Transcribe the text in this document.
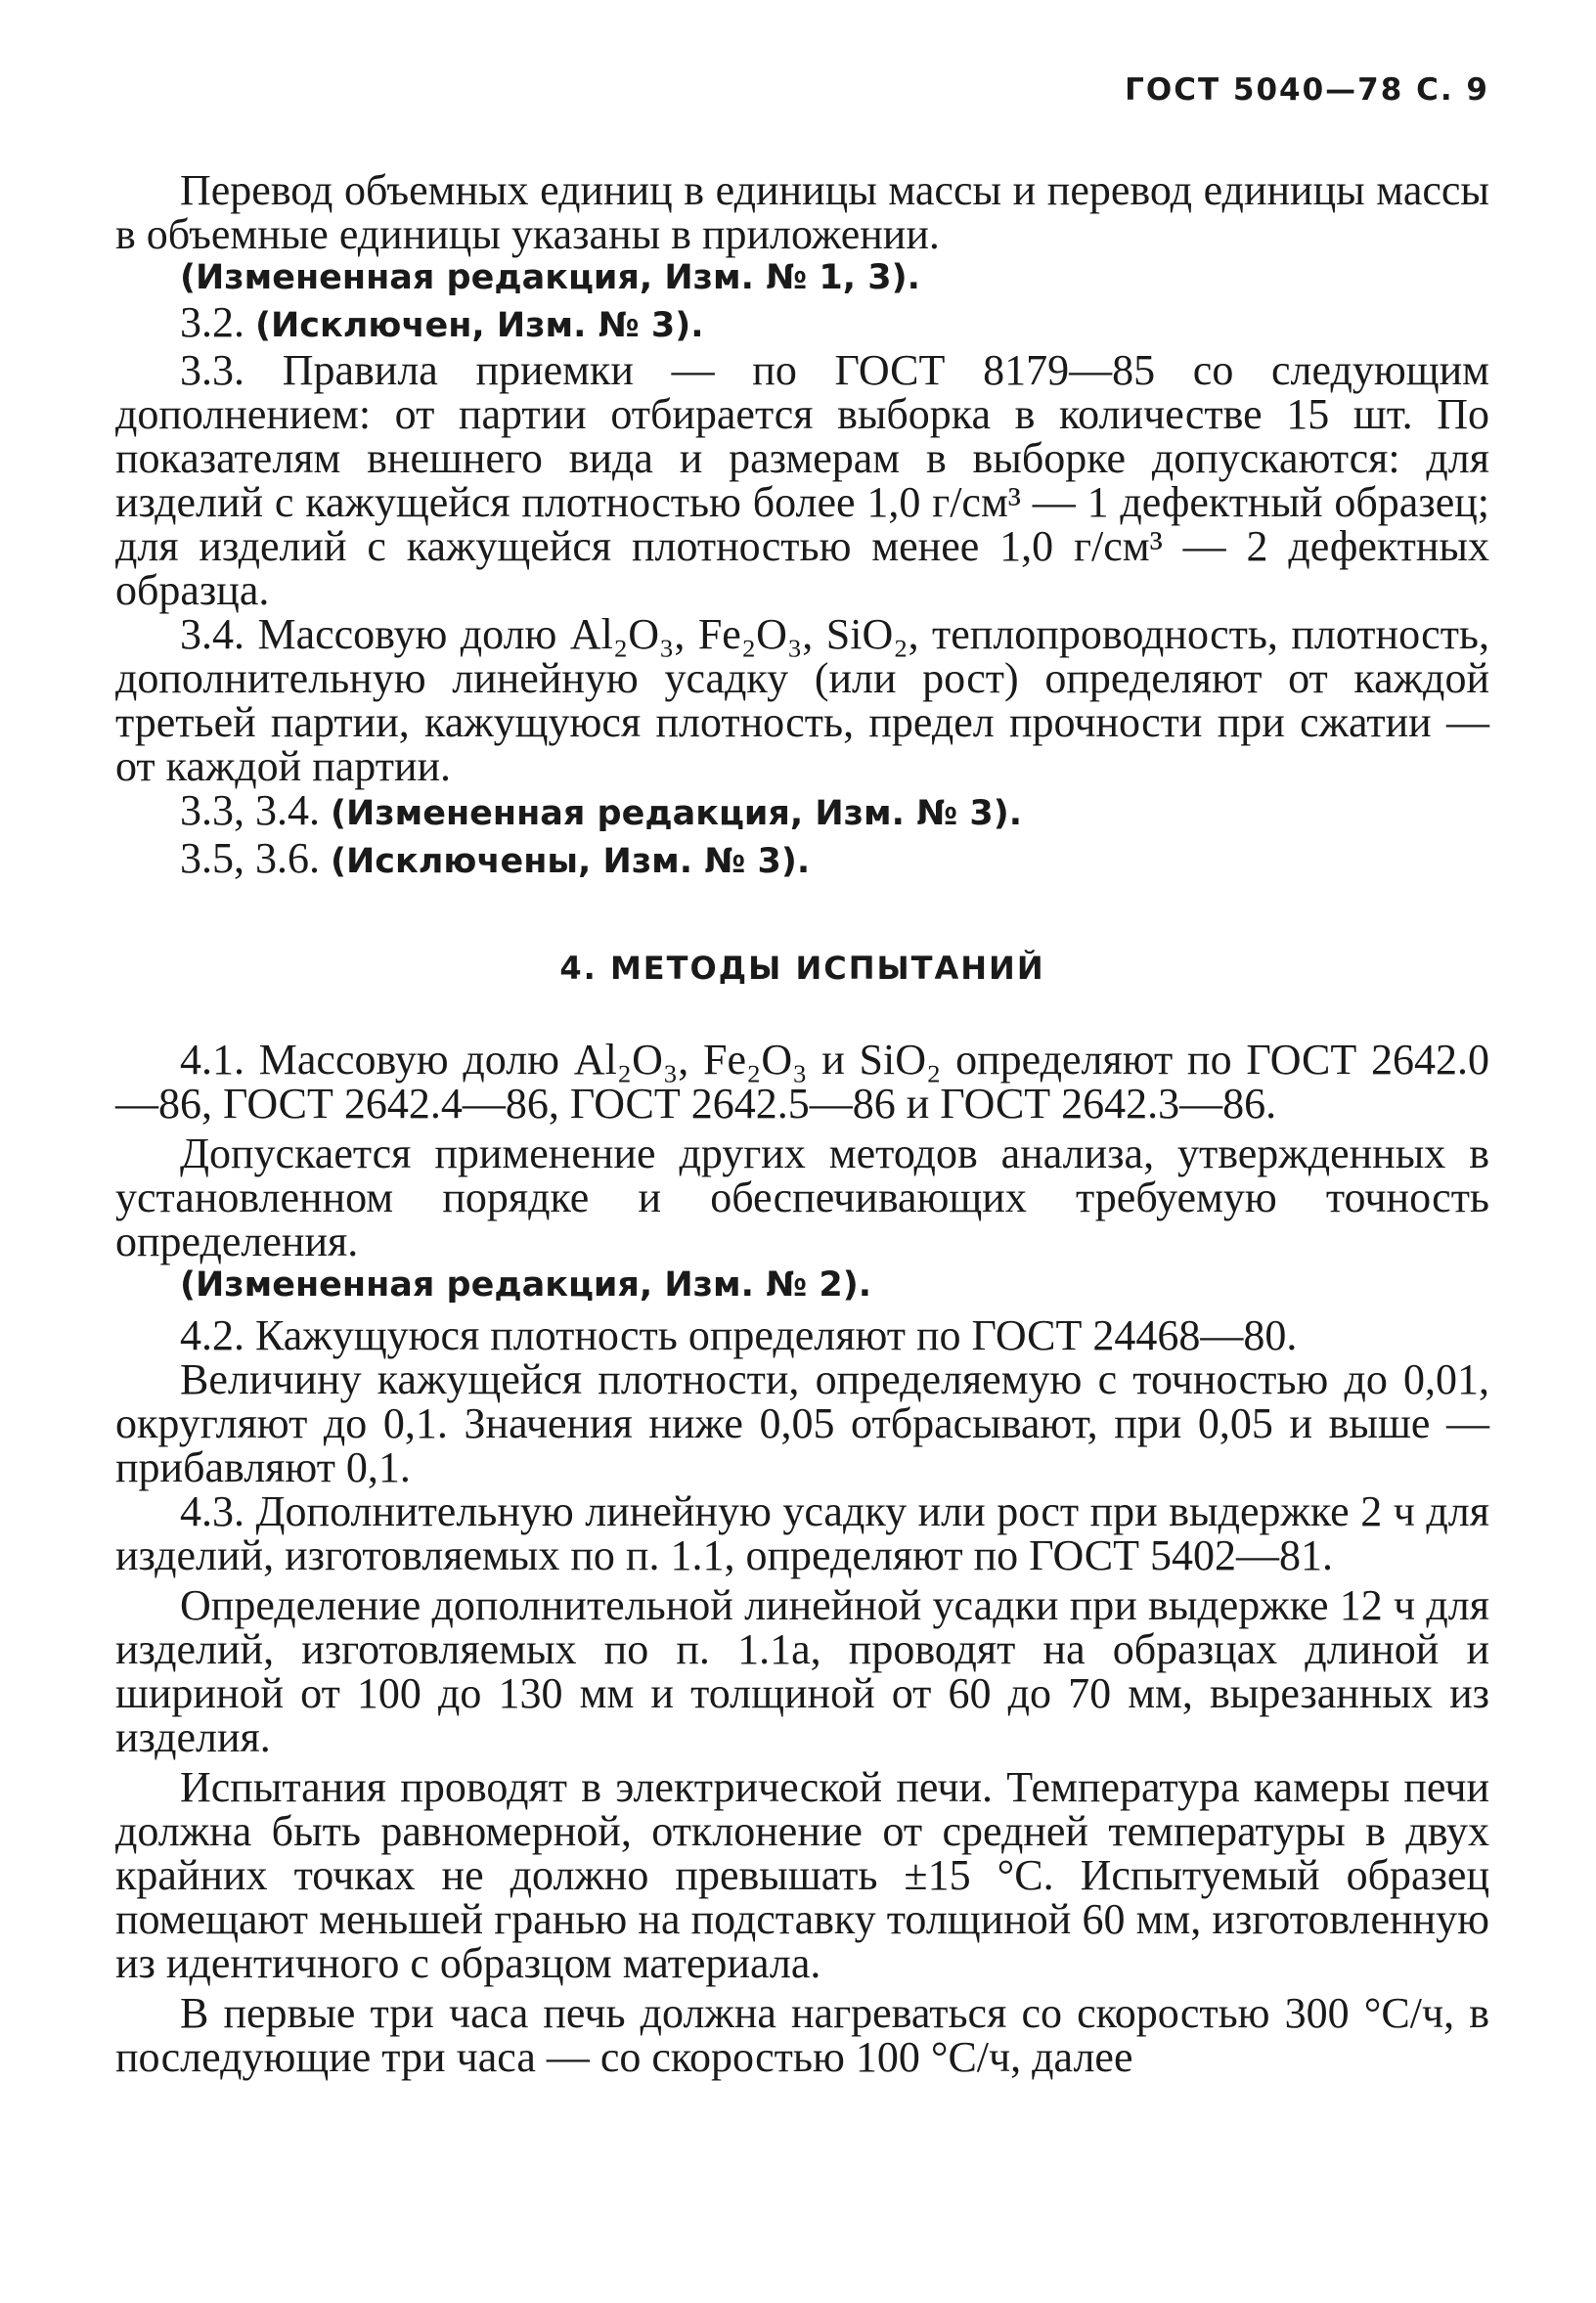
ГОСТ 5040—78 С. 9

Перевод объемных единиц в единицы массы и перевод единицы массы в объемные единицы указаны в приложении.

(Измененная редакция, Изм. № 1, 3).

3.2. (Исключен, Изм. № 3).

3.3. Правила приемки — по ГОСТ 8179—85 со следующим дополнением: от партии отбирается выборка в количестве 15 шт. По показателям внешнего вида и размерам в выборке допускаются: для изделий с кажущейся плотностью более 1,0 г/см³ — 1 дефектный образец; для изделий с кажущейся плотностью менее 1,0 г/см³ — 2 дефектных образца.

3.4. Массовую долю Al₂O₃, Fe₂O₃, SiO₂, теплопроводность, плотность, дополнительную линейную усадку (или рост) определяют от каждой третьей партии, кажущуюся плотность, предел прочности при сжатии — от каждой партии.

3.3, 3.4. (Измененная редакция, Изм. № 3).

3.5, 3.6. (Исключены, Изм. № 3).

4. МЕТОДЫ ИСПЫТАНИЙ

4.1. Массовую долю Al₂O₃, Fe₂O₃ и SiO₂ определяют по ГОСТ 2642.0—86, ГОСТ 2642.4—86, ГОСТ 2642.5—86 и ГОСТ 2642.3—86.

Допускается применение других методов анализа, утвержденных в установленном порядке и обеспечивающих требуемую точность определения.

(Измененная редакция, Изм. № 2).

4.2. Кажущуюся плотность определяют по ГОСТ 24468—80.

Величину кажущейся плотности, определяемую с точностью до 0,01, округляют до 0,1. Значения ниже 0,05 отбрасывают, при 0,05 и выше — прибавляют 0,1.

4.3. Дополнительную линейную усадку или рост при выдержке 2 ч для изделий, изготовляемых по п. 1.1, определяют по ГОСТ 5402—81.

Определение дополнительной линейной усадки при выдержке 12 ч для изделий, изготовляемых по п. 1.1а, проводят на образцах длиной и шириной от 100 до 130 мм и толщиной от 60 до 70 мм, вырезанных из изделия.

Испытания проводят в электрической печи. Температура камеры печи должна быть равномерной, отклонение от средней температуры в двух крайних точках не должно превышать ±15 °С. Испытуемый образец помещают меньшей гранью на подставку толщиной 60 мм, изготовленную из идентичного с образцом материала.

В первые три часа печь должна нагреваться со скоростью 300 °С/ч, в последующие три часа — со скоростью 100 °С/ч, далее
